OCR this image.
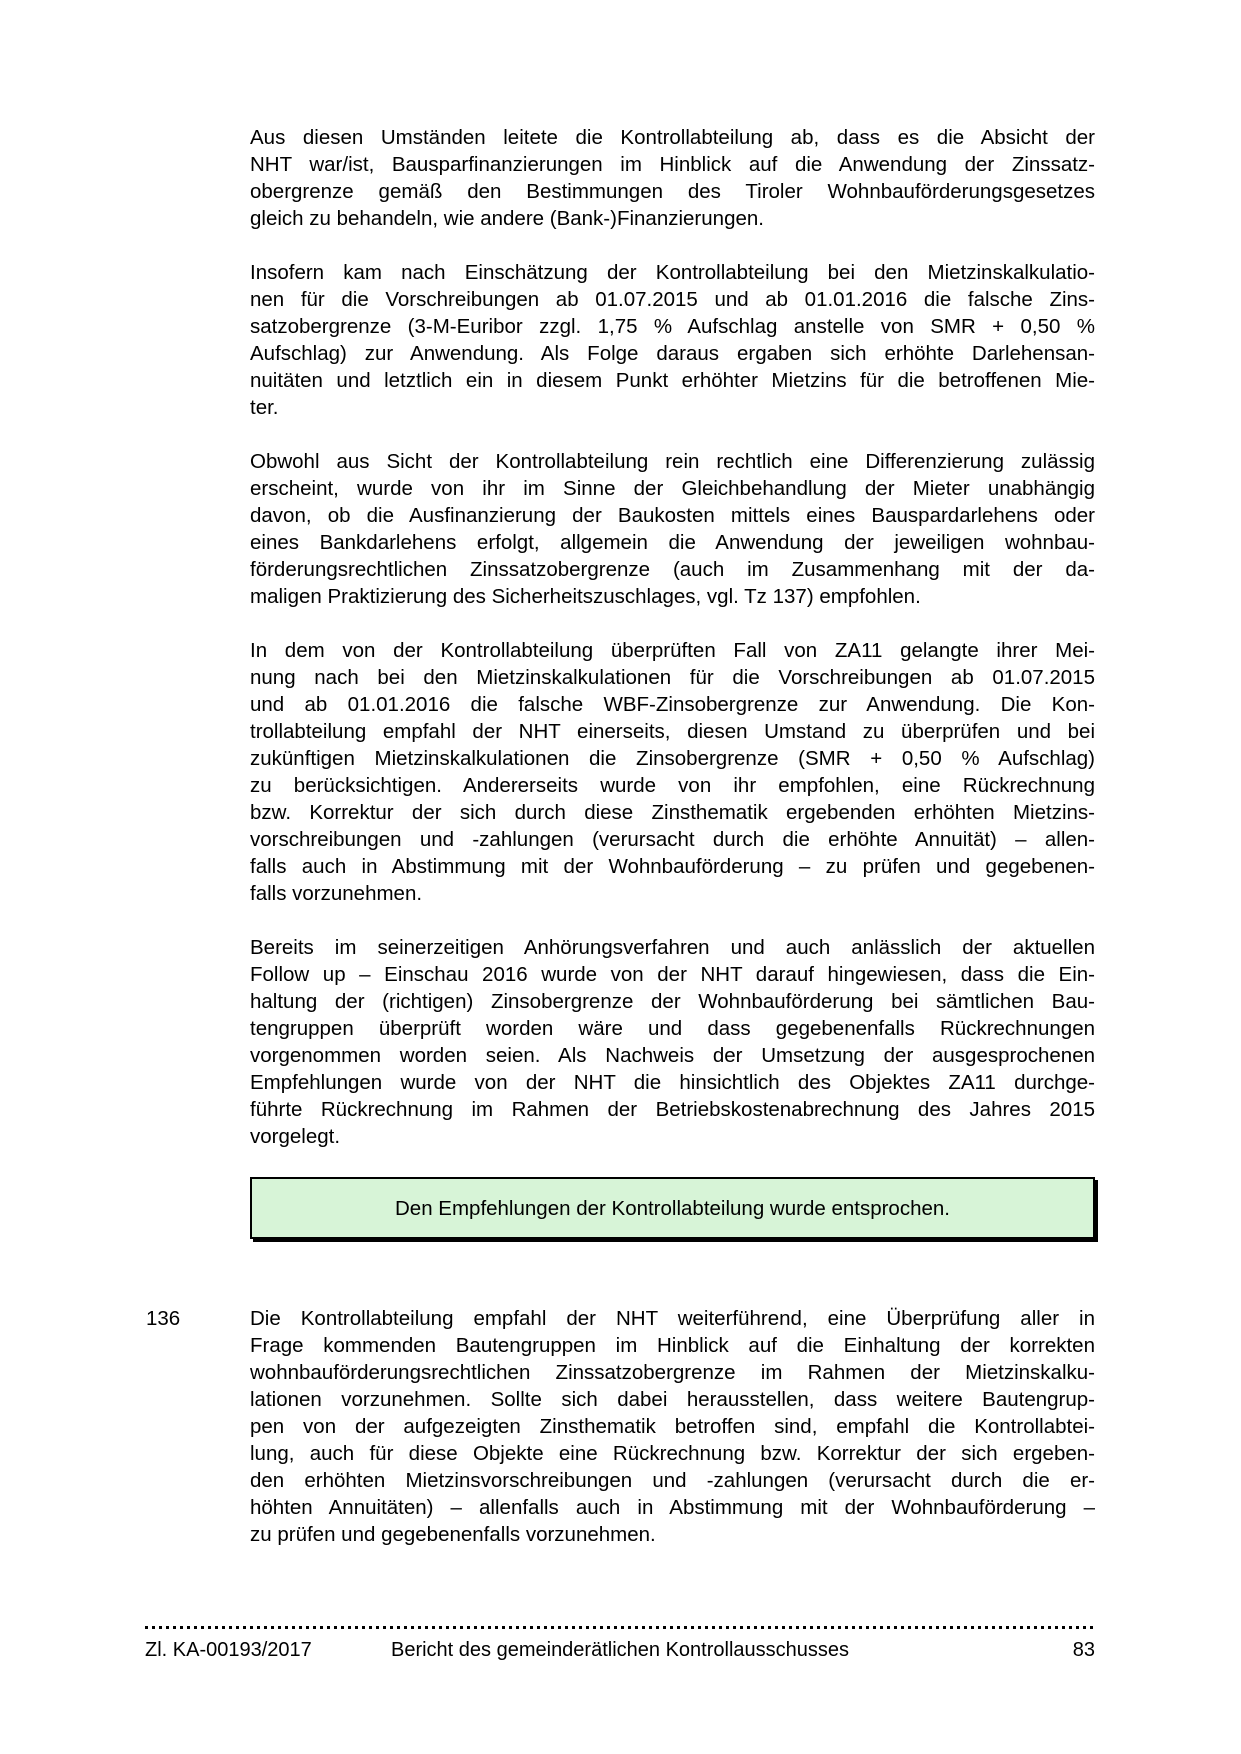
Aus diesen Umständen leitete die Kontrollabteilung ab, dass es die Absicht der
NHT war/ist, Bausparfinanzierungen im Hinblick auf die Anwendung der Zinssatz-
obergrenze gemäß den Bestimmungen des Tiroler Wohnbauförderungsgesetzes
gleich zu behandeln, wie andere (Bank-)Finanzierungen.
Insofern kam nach Einschätzung der Kontrollabteilung bei den Mietzinskalkulatio-
nen für die Vorschreibungen ab 01.07.2015 und ab 01.01.2016 die falsche Zins-
satzobergrenze (3-M-Euribor zzgl. 1,75 % Aufschlag anstelle von SMR + 0,50 %
Aufschlag) zur Anwendung. Als Folge daraus ergaben sich erhöhte Darlehensan-
nuitäten und letztlich ein in diesem Punkt erhöhter Mietzins für die betroffenen Mie-
ter.
Obwohl aus Sicht der Kontrollabteilung rein rechtlich eine Differenzierung zulässig
erscheint, wurde von ihr im Sinne der Gleichbehandlung der Mieter unabhängig
davon, ob die Ausfinanzierung der Baukosten mittels eines Bauspardarlehens oder
eines Bankdarlehens erfolgt, allgemein die Anwendung der jeweiligen wohnbau-
förderungsrechtlichen Zinssatzobergrenze (auch im Zusammenhang mit der da-
maligen Praktizierung des Sicherheitszuschlages, vgl. Tz 137) empfohlen.
In dem von der Kontrollabteilung überprüften Fall von ZA11 gelangte ihrer Mei-
nung nach bei den Mietzinskalkulationen für die Vorschreibungen ab 01.07.2015
und ab 01.01.2016 die falsche WBF-Zinsobergrenze zur Anwendung. Die Kon-
trollabteilung empfahl der NHT einerseits, diesen Umstand zu überprüfen und bei
zukünftigen Mietzinskalkulationen die Zinsobergrenze (SMR + 0,50 % Aufschlag)
zu berücksichtigen. Andererseits wurde von ihr empfohlen, eine Rückrechnung
bzw. Korrektur der sich durch diese Zinsthematik ergebenden erhöhten Mietzins-
vorschreibungen und -zahlungen (verursacht durch die erhöhte Annuität) – allen-
falls auch in Abstimmung mit der Wohnbauförderung – zu prüfen und gegebenen-
falls vorzunehmen.
Bereits im seinerzeitigen Anhörungsverfahren und auch anlässlich der aktuellen
Follow up – Einschau 2016 wurde von der NHT darauf hingewiesen, dass die Ein-
haltung der (richtigen) Zinsobergrenze der Wohnbauförderung bei sämtlichen Bau-
tengruppen überprüft worden wäre und dass gegebenenfalls Rückrechnungen
vorgenommen worden seien. Als Nachweis der Umsetzung der ausgesprochenen
Empfehlungen wurde von der NHT die hinsichtlich des Objektes ZA11 durchge-
führte Rückrechnung im Rahmen der Betriebskostenabrechnung des Jahres 2015
vorgelegt.
Den Empfehlungen der Kontrollabteilung wurde entsprochen.
136	Die Kontrollabteilung empfahl der NHT weiterführend, eine Überprüfung aller in
Frage kommenden Bautengruppen im Hinblick auf die Einhaltung der korrekten
wohnbauförderungsrechtlichen Zinssatzobergrenze im Rahmen der Mietzinskalku-
lationen vorzunehmen. Sollte sich dabei herausstellen, dass weitere Bautengrup-
pen von der aufgezeigten Zinsthematik betroffen sind, empfahl die Kontrollabtei-
lung, auch für diese Objekte eine Rückrechnung bzw. Korrektur der sich ergeben-
den erhöhten Mietzinsvorschreibungen und -zahlungen (verursacht durch die er-
höhten Annuitäten) – allenfalls auch in Abstimmung mit der Wohnbauförderung –
zu prüfen und gegebenenfalls vorzunehmen.
Zl. KA-00193/2017	Bericht des gemeinderätlichen Kontrollausschusses	83
